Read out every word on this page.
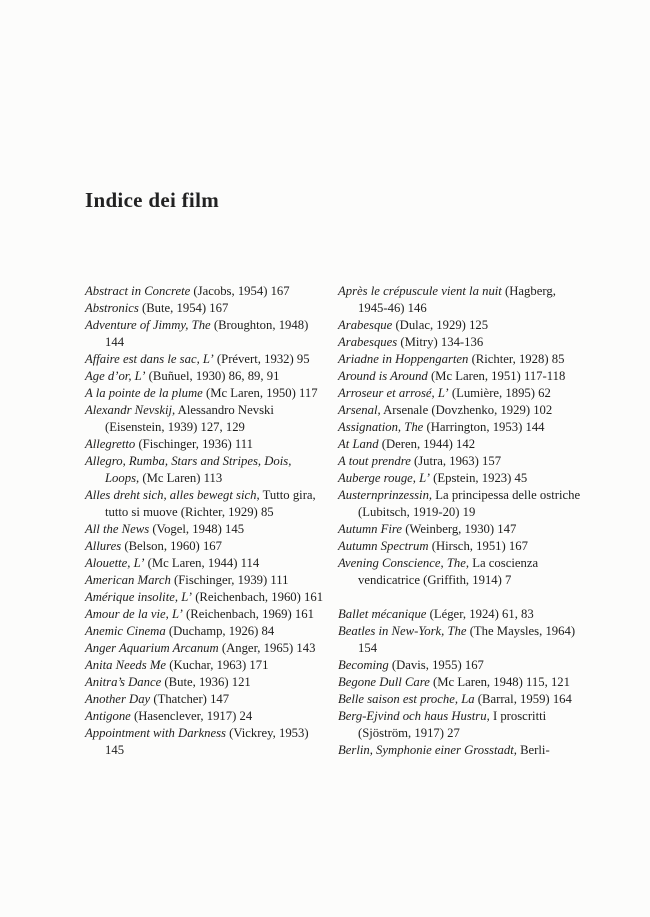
Indice dei film

Abstract in Concrete (Jacobs, 1954) 167

Abstronics (Bute, 1954) 167

Adventure of Jimmy, The (Broughton, 1948) 144

Affaire est dans le sac, L’ (Prévert, 1932) 95

Age d’or, L’ (Buñuel, 1930) 86, 89, 91

A la pointe de la plume (Mc Laren, 1950) 117

Alexandr Nevskij, Alessandro Nevski (Eisenstein, 1939) 127, 129

Allegretto (Fischinger, 1936) 111

Allegro, Rumba, Stars and Stripes, Dois, Loops, (Mc Laren) 113

Alles dreht sich, alles bewegt sich, Tutto gira, tutto si muove (Richter, 1929) 85

All the News (Vogel, 1948) 145

Allures (Belson, 1960) 167

Alouette, L’ (Mc Laren, 1944) 114

American March (Fischinger, 1939) 111

Amérique insolite, L’ (Reichenbach, 1960) 161

Amour de la vie, L’ (Reichenbach, 1969) 161

Anemic Cinema (Duchamp, 1926) 84

Anger Aquarium Arcanum (Anger, 1965) 143

Anita Needs Me (Kuchar, 1963) 171

Anitra’s Dance (Bute, 1936) 121

Another Day (Thatcher) 147

Antigone (Hasenclever, 1917) 24

Appointment with Darkness (Vickrey, 1953) 145

Après le crépuscule vient la nuit (Hagberg, 1945-46) 146

Arabesque (Dulac, 1929) 125

Arabesques (Mitry) 134-136

Ariadne in Hoppengarten (Richter, 1928) 85

Around is Around (Mc Laren, 1951) 117-118

Arroseur et arrosé, L’ (Lumière, 1895) 62

Arsenal, Arsenale (Dovzhenko, 1929) 102

Assignation, The (Harrington, 1953) 144

At Land (Deren, 1944) 142

A tout prendre (Jutra, 1963) 157

Auberge rouge, L’ (Epstein, 1923) 45

Austernprinzessin, La principessa delle ostriche (Lubitsch, 1919-20) 19

Autumn Fire (Weinberg, 1930) 147

Autumn Spectrum (Hirsch, 1951) 167

Avening Conscience, The, La coscienza vendicatrice (Griffith, 1914) 7

Ballet mécanique (Léger, 1924) 61, 83

Beatles in New-York, The (The Maysles, 1964) 154

Becoming (Davis, 1955) 167

Begone Dull Care (Mc Laren, 1948) 115, 121

Belle saison est proche, La (Barral, 1959) 164

Berg-Ejvind och haus Hustru, I proscritti (Sjöström, 1917) 27

Berlin, Symphonie einer Grosstadt, Berli-
